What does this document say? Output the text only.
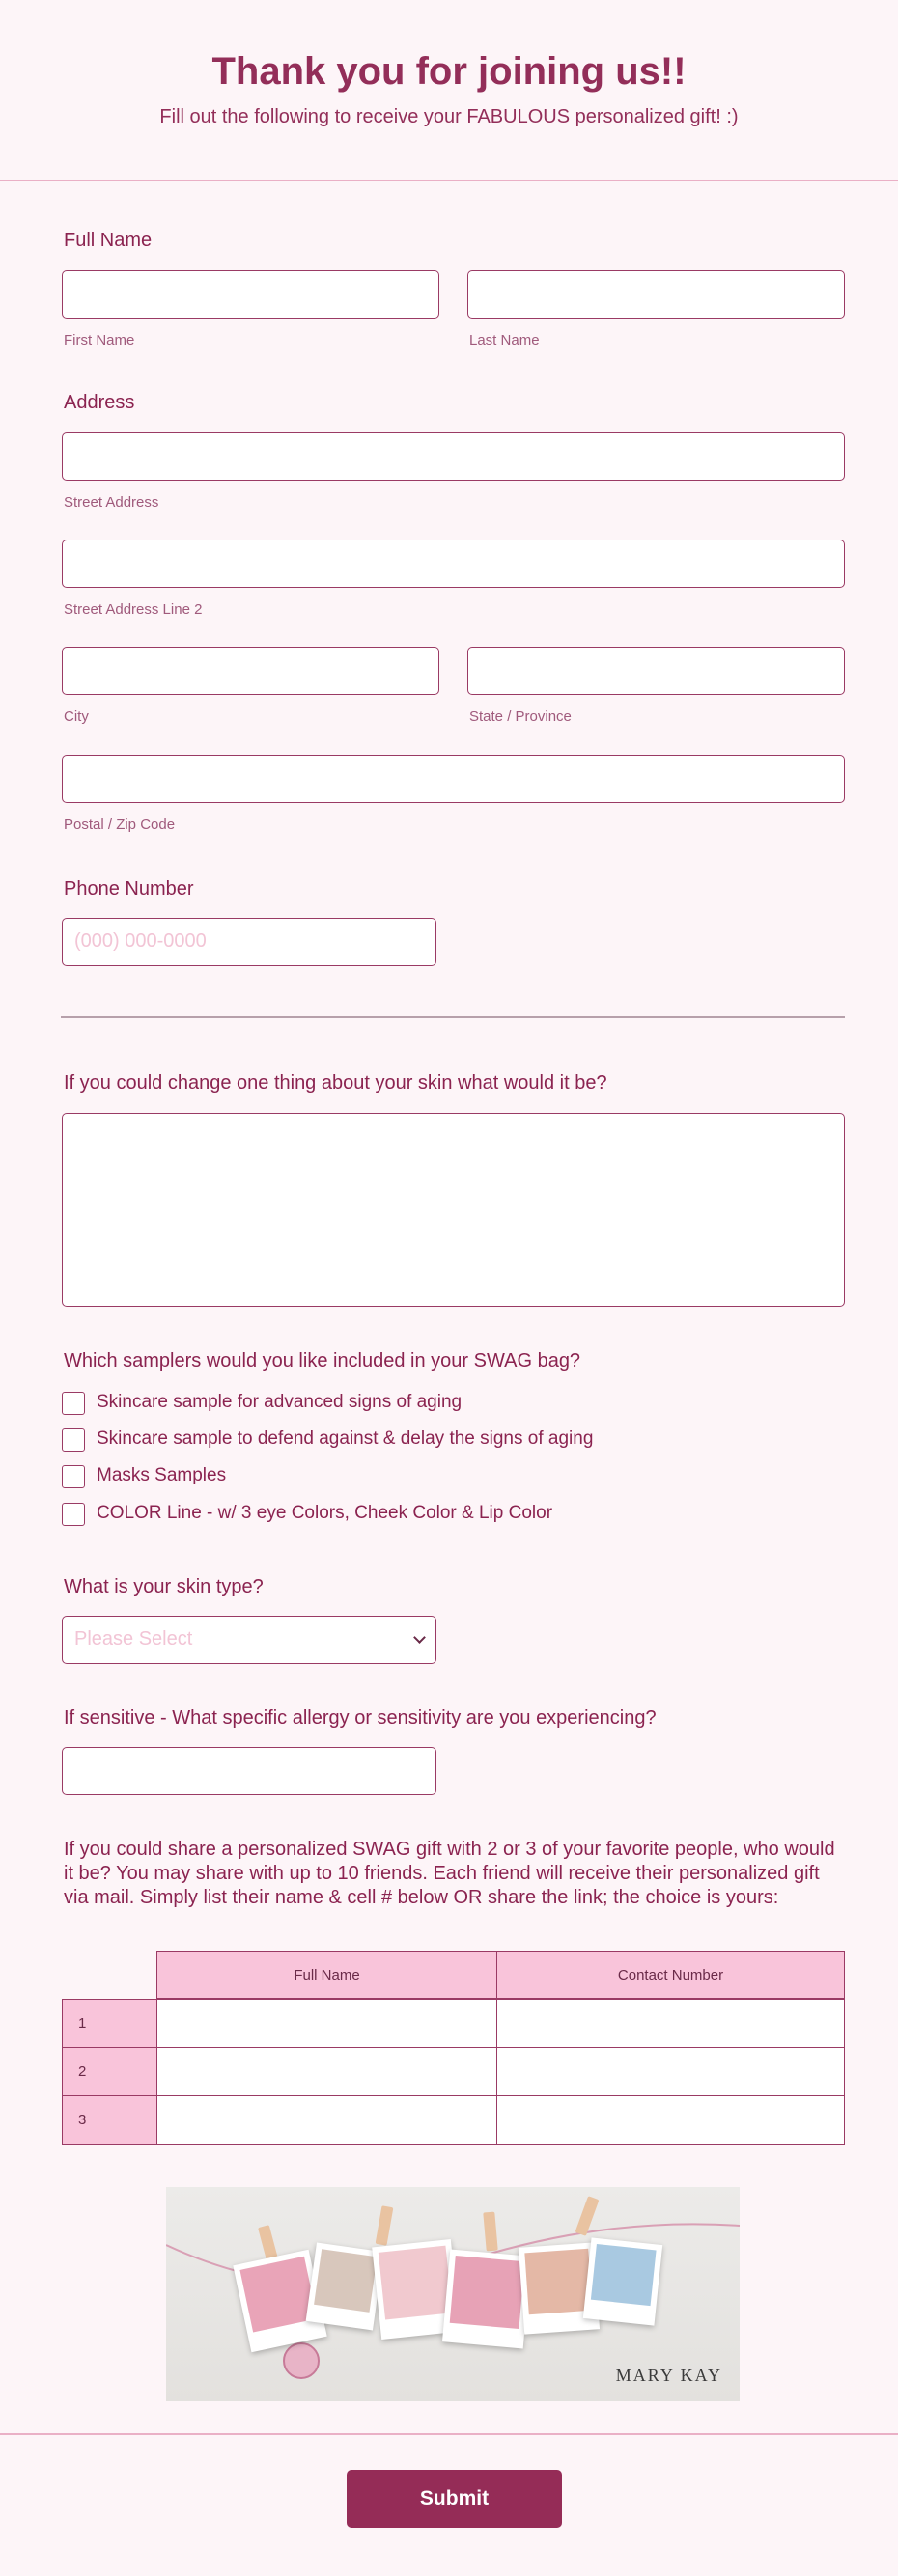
Thank you for joining us!!
Fill out the following to receive your FABULOUS personalized gift! :)
Full Name
First Name	Last Name
Address
Street Address
Street Address Line 2
City	State / Province
Postal / Zip Code
Phone Number
(000) 000-0000
If you could change one thing about your skin what would it be?
Which samplers would you like included in your SWAG bag?
Skincare sample for advanced signs of aging
Skincare sample to defend against & delay the signs of aging
Masks Samples
COLOR Line - w/ 3 eye Colors, Cheek Color & Lip Color
What is your skin type?
Please Select
If sensitive - What specific allergy or sensitivity are you experiencing?
If you could share a personalized SWAG gift with 2 or 3 of your favorite people, who would it be? You may share with up to 10 friends. Each friend will receive their personalized gift via mail. Simply list their name & cell # below OR share the link; the choice is yours:
Full Name	Contact Number
1
2
3
MARY KAY
Submit
